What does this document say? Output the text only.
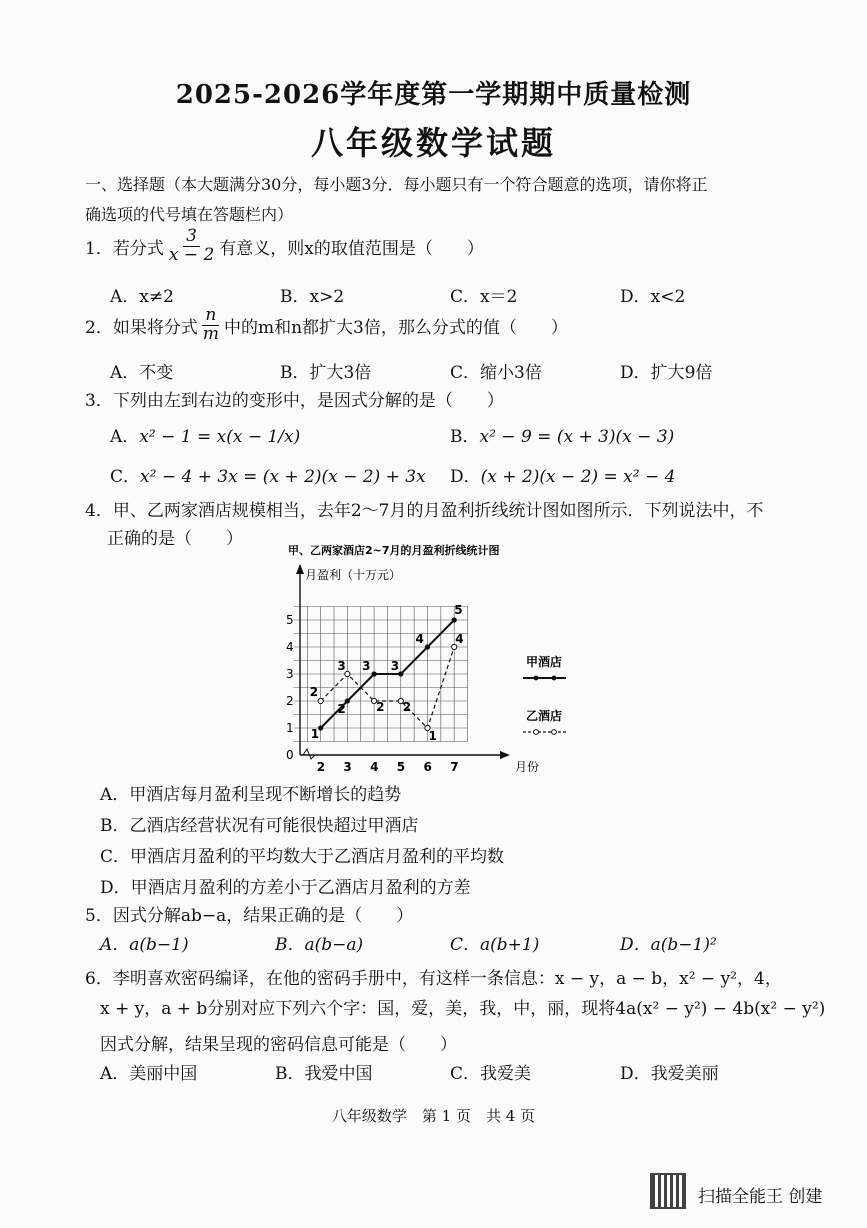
2025-2026学年度第一学期期中质量检测
八年级数学试题
一、选择题（本大题满分30分，每小题3分．每小题只有一个符合题意的选项，请你将正
确选项的代号填在答题栏内）
1． 若分式 $\frac{3}{x - 2}$ 有意义，则x的取值范围是（　　）
A．x≠2	B．x>2	C．x＝2	D．x<2
2． 如果将分式 $\frac{n}{m}$ 中的m和n都扩大3倍，那么分式的值（　　）
A．不变	B．扩大3倍	C．缩小3倍	D．扩大9倍
3．下列由左到右边的变形中，是因式分解的是（　　）
A．x² − 1 = x(x − 1/x)	B．x² − 9 = (x + 3)(x − 3)
C．x² − 4 + 3x = (x + 2)(x − 2) + 3x D．(x + 2)(x − 2) = x² − 4
4．甲、乙两家酒店规模相当，去年2～7月的月盈利折线统计图如图所示．下列说法中，不
正确的是（　　）
甲、乙两家酒店2~7月的月盈利折线统计图
月盈利（十万元）
月份
0
1
2
3
4
5
2 3 4 5 6 7
1
2
2
3 3
2
3
2
4
1
5
4
甲酒店
乙酒店
A．甲酒店每月盈利呈现不断增长的趋势
B．乙酒店经营状况有可能很快超过甲酒店
C．甲酒店月盈利的平均数大于乙酒店月盈利的平均数
D．甲酒店月盈利的方差小于乙酒店月盈利的方差
5．因式分解ab−a，结果正确的是（　　）
A．a(b−1)	B．a(b−a)	C．a(b+1)	D．a(b−1)²
6．李明喜欢密码编译，在他的密码手册中，有这样一条信息：x − y，a − b，x² − y²，4，
x + y，a + b分别对应下列六个字：国，爱，美，我，中，丽，现将4a(x² − y²) − 4b(x² − y²)
因式分解，结果呈现的密码信息可能是（　　）
A．美丽中国	B．我爱中国	C．我爱美	D．我爱美丽
八年级数学　第 1 页　共 4 页
扫描全能王 创建
